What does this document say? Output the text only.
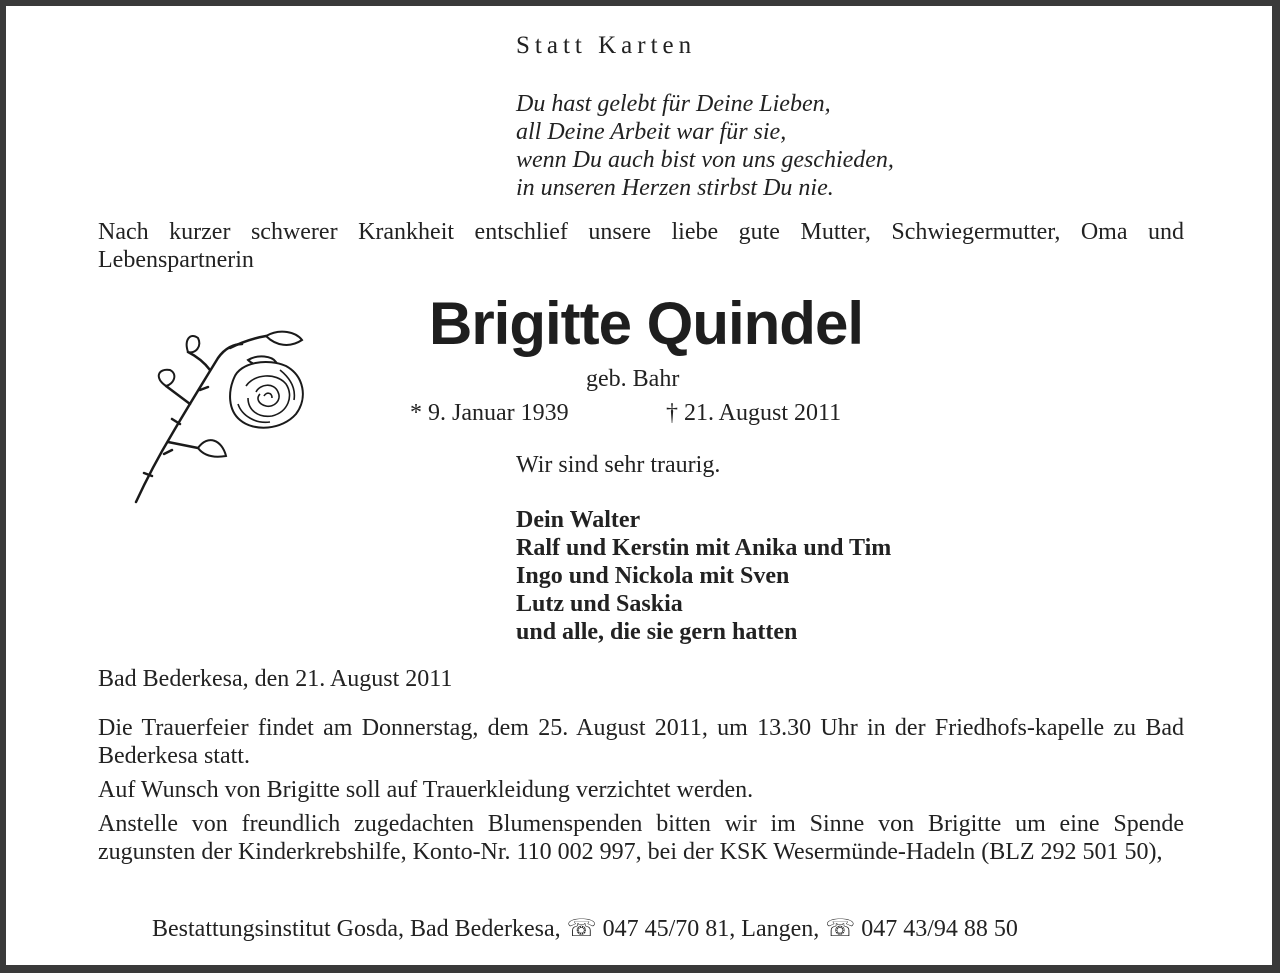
Statt Karten
Du hast gelebt für Deine Lieben,
all Deine Arbeit war für sie,
wenn Du auch bist von uns geschieden,
in unseren Herzen stirbst Du nie.
Nach kurzer schwerer Krankheit entschlief unsere liebe gute Mutter, Schwiegermutter, Oma und Lebenspartnerin
Brigitte Quindel
geb. Bahr
* 9. Januar 1939	† 21. August 2011
Wir sind sehr traurig.
Dein Walter
Ralf und Kerstin mit Anika und Tim
Ingo und Nickola mit Sven
Lutz und Saskia
und alle, die sie gern hatten
Bad Bederkesa, den 21. August 2011
Die Trauerfeier findet am Donnerstag, dem 25. August 2011, um 13.30 Uhr in der Friedhofs-kapelle zu Bad Bederkesa statt.
Auf Wunsch von Brigitte soll auf Trauerkleidung verzichtet werden.
Anstelle von freundlich zugedachten Blumenspenden bitten wir im Sinne von Brigitte um eine Spende zugunsten der Kinderkrebshilfe, Konto-Nr. 110 002 997, bei der KSK Wesermünde-Hadeln (BLZ 292 501 50),
Bestattungsinstitut Gosda, Bad Bederkesa, ☏ 047 45/70 81, Langen, ☏ 047 43/94 88 50
